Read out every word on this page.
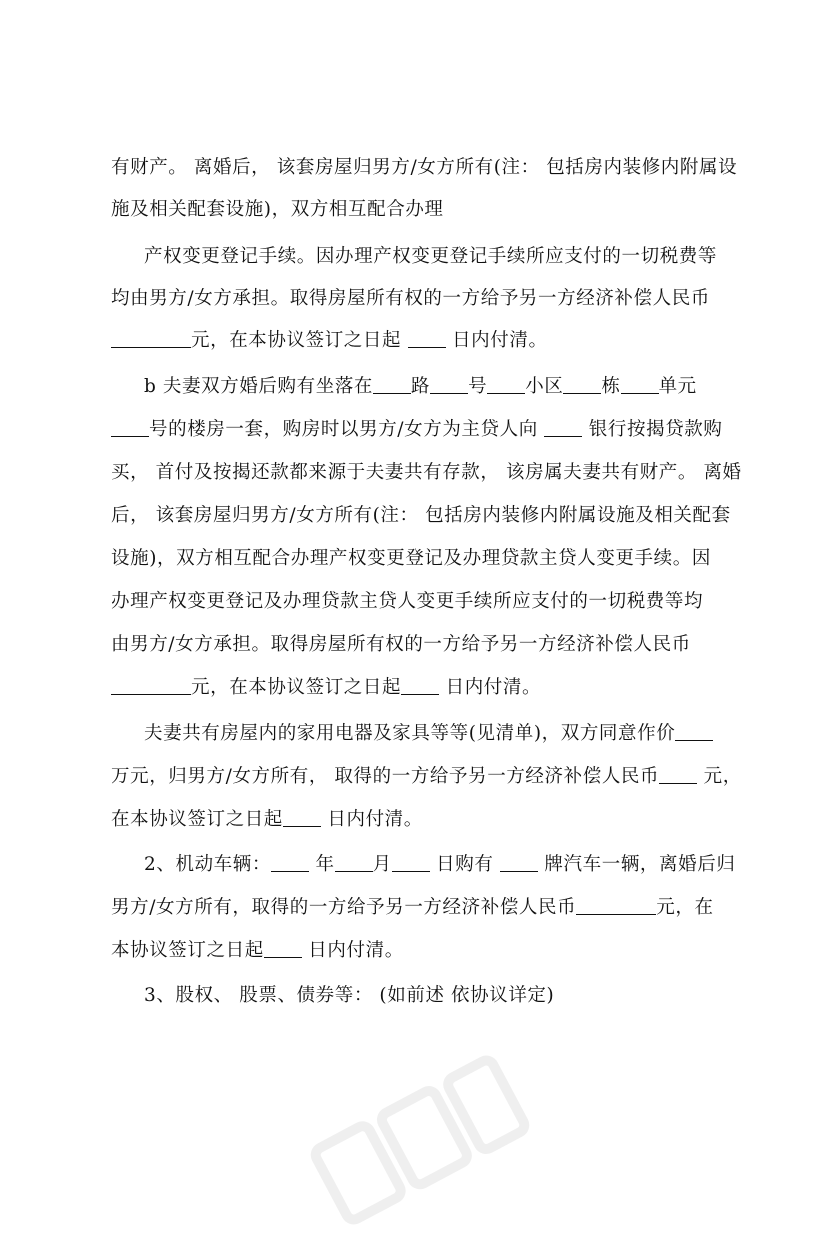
有财产。 离婚后， 该套房屋归男方/女方所有(注： 包括房内装修内附属设
施及相关配套设施)，双方相互配合办理
产权变更登记手续。因办理产权变更登记手续所应支付的一切税费等
均由男方/女方承担。取得房屋所有权的一方给予另一方经济补偿人民币
元，在本协议签订之日起  日内付清。
b 夫妻双方婚后购有坐落在 路 号 小区 栋 单元
号的楼房一套，购房时以男方/女方为主贷人向  银行按揭贷款购
买， 首付及按揭还款都来源于夫妻共有存款， 该房属夫妻共有财产。 离婚
后， 该套房屋归男方/女方所有(注： 包括房内装修内附属设施及相关配套
设施)，双方相互配合办理产权变更登记及办理贷款主贷人变更手续。因
办理产权变更登记及办理贷款主贷人变更手续所应支付的一切税费等均
由男方/女方承担。取得房屋所有权的一方给予另一方经济补偿人民币
元，在本协议签订之日起 日内付清。
夫妻共有房屋内的家用电器及家具等等(见清单)，双方同意作价
万元，归男方/女方所有， 取得的一方给予另一方经济补偿人民币 元，
在本协议签订之日起 日内付清。
2、机动车辆： 年 月 日购有  牌汽车一辆，离婚后归
男方/女方所有，取得的一方给予另一方经济补偿人民币	元，在
本协议签订之日起 日内付清。
3、股权、 股票、债券等： (如前述 依协议详定)
